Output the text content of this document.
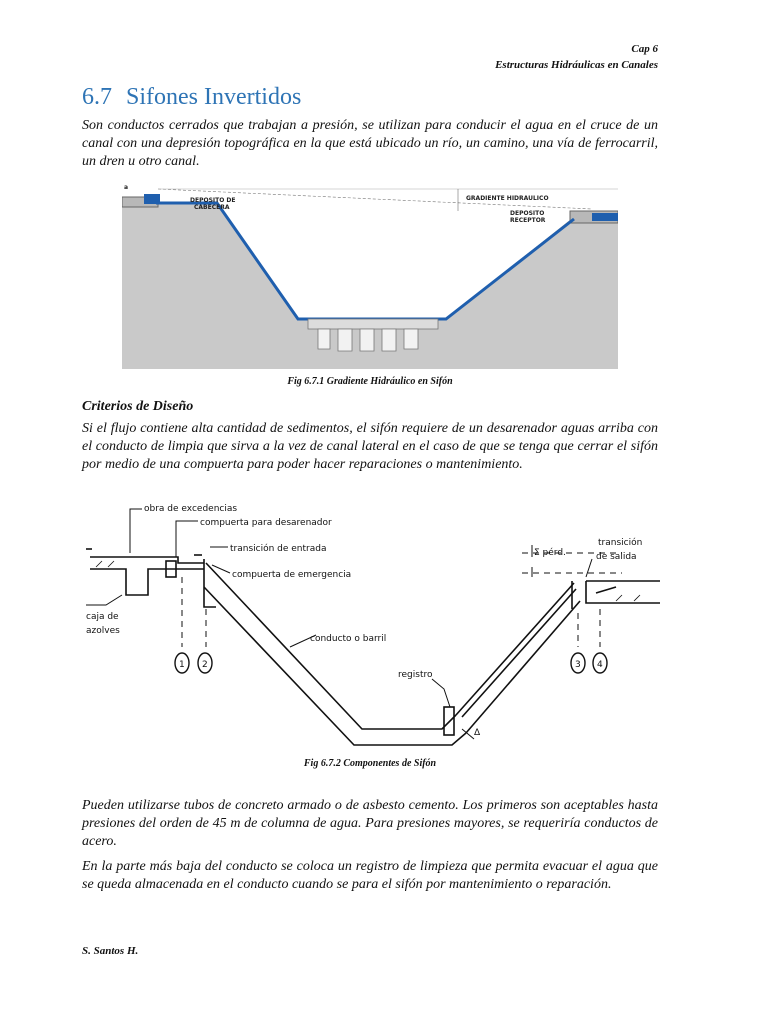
Cap 6
Estructuras Hidráulicas en Canales
6.7 Sifones Invertidos
Son conductos cerrados que trabajan a presión, se utilizan para conducir el agua en el cruce de un canal con una depresión topográfica en la que está ubicado un río, un camino, una vía de ferrocarril, un dren u otro canal.
a
DEPOSITO DE
CABECERA
GRADIENTE HIDRAULICO
DEPOSITO
RECEPTOR
Fig 6.7.1 Gradiente Hidráulico en Sifón
Criterios de Diseño
Si el flujo contiene alta cantidad de sedimentos, el sifón requiere de un desarenador aguas arriba con el conducto de limpia que sirva a la vez de canal lateral en el caso de que se tenga que cerrar el sifón por medio de una compuerta para poder hacer reparaciones o mantenimiento.
obra de excedencias
compuerta para desarenador
transición de entrada
compuerta de emergencia
caja de
azolves
conducto o barril
registro
Σ pérd.
transición
de salida
Δ
1 2	3 4
Fig 6.7.2 Componentes de Sifón
Pueden utilizarse tubos de concreto armado o de asbesto cemento. Los primeros son aceptables hasta presiones del orden de 45 m de columna de agua. Para presiones mayores, se requeriría conductos de acero.
En la parte más baja del conducto se coloca un registro de limpieza que permita evacuar el agua que se queda almacenada en el conducto cuando se para el sifón por mantenimiento o reparación.
S. Santos H.
